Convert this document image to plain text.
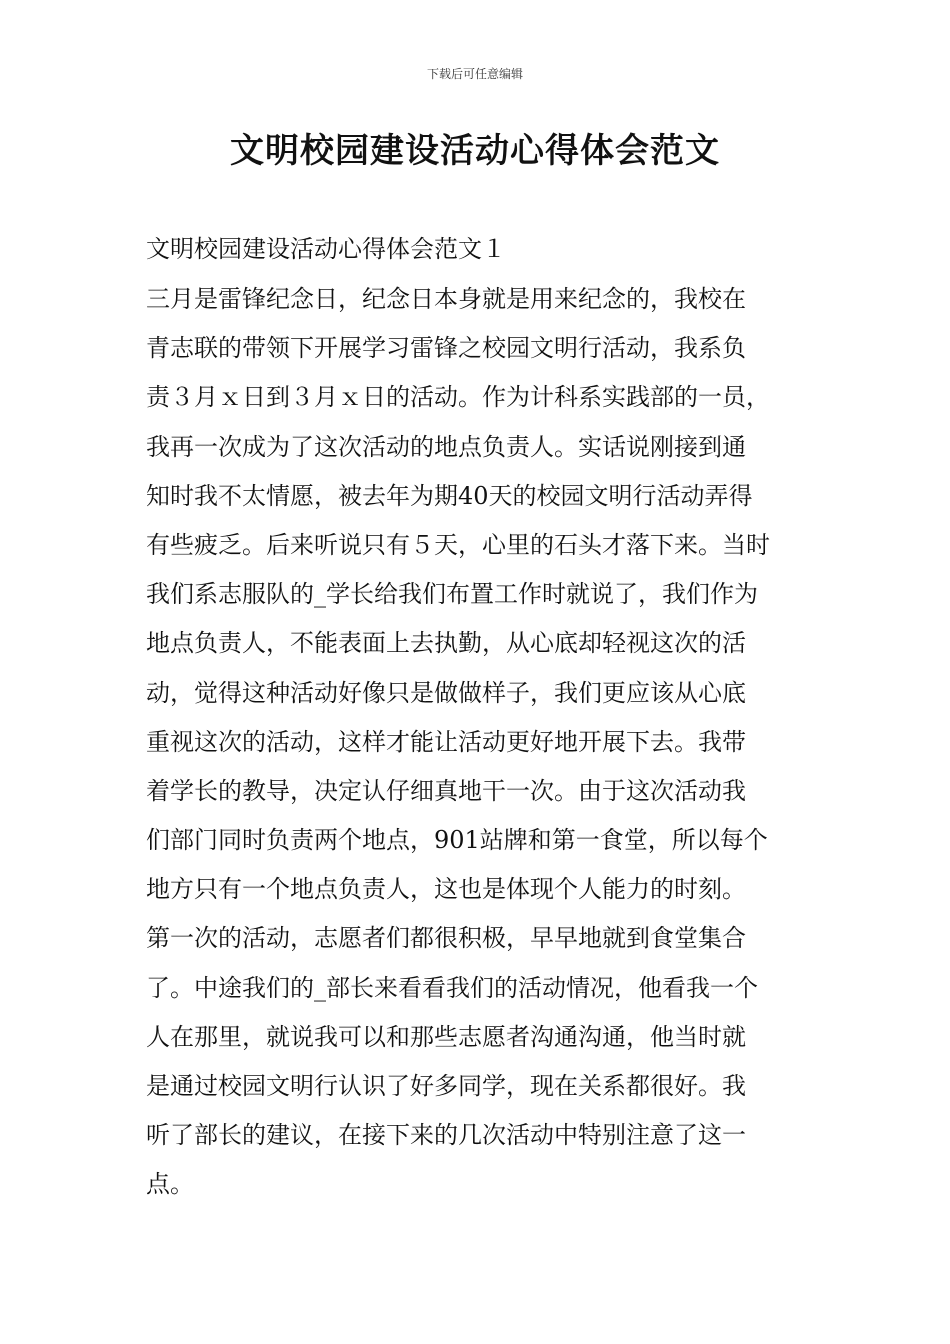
下载后可任意编辑
文明校园建设活动心得体会范文

文明校园建设活动心得体会范文１

三月是雷锋纪念日，纪念日本身就是用来纪念的，我校在
青志联的带领下开展学习雷锋之校园文明行活动，我系负
责３月ｘ日到３月ｘ日的活动。作为计科系实践部的一员，
我再一次成为了这次活动的地点负责人。实话说刚接到通
知时我不太情愿，被去年为期40天的校园文明行活动弄得
有些疲乏。后来听说只有５天，心里的石头才落下来。当时
我们系志服队的_学长给我们布置工作时就说了，我们作为
地点负责人，不能表面上去执勤，从心底却轻视这次的活
动，觉得这种活动好像只是做做样子，我们更应该从心底
重视这次的活动，这样才能让活动更好地开展下去。我带
着学长的教导，决定认仔细真地干一次。由于这次活动我
们部门同时负责两个地点，901站牌和第一食堂，所以每个
地方只有一个地点负责人，这也是体现个人能力的时刻。
第一次的活动，志愿者们都很积极，早早地就到食堂集合
了。中途我们的_部长来看看我们的活动情况，他看我一个
人在那里，就说我可以和那些志愿者沟通沟通，他当时就
是通过校园文明行认识了好多同学，现在关系都很好。我
听了部长的建议，在接下来的几次活动中特别注意了这一
点。
